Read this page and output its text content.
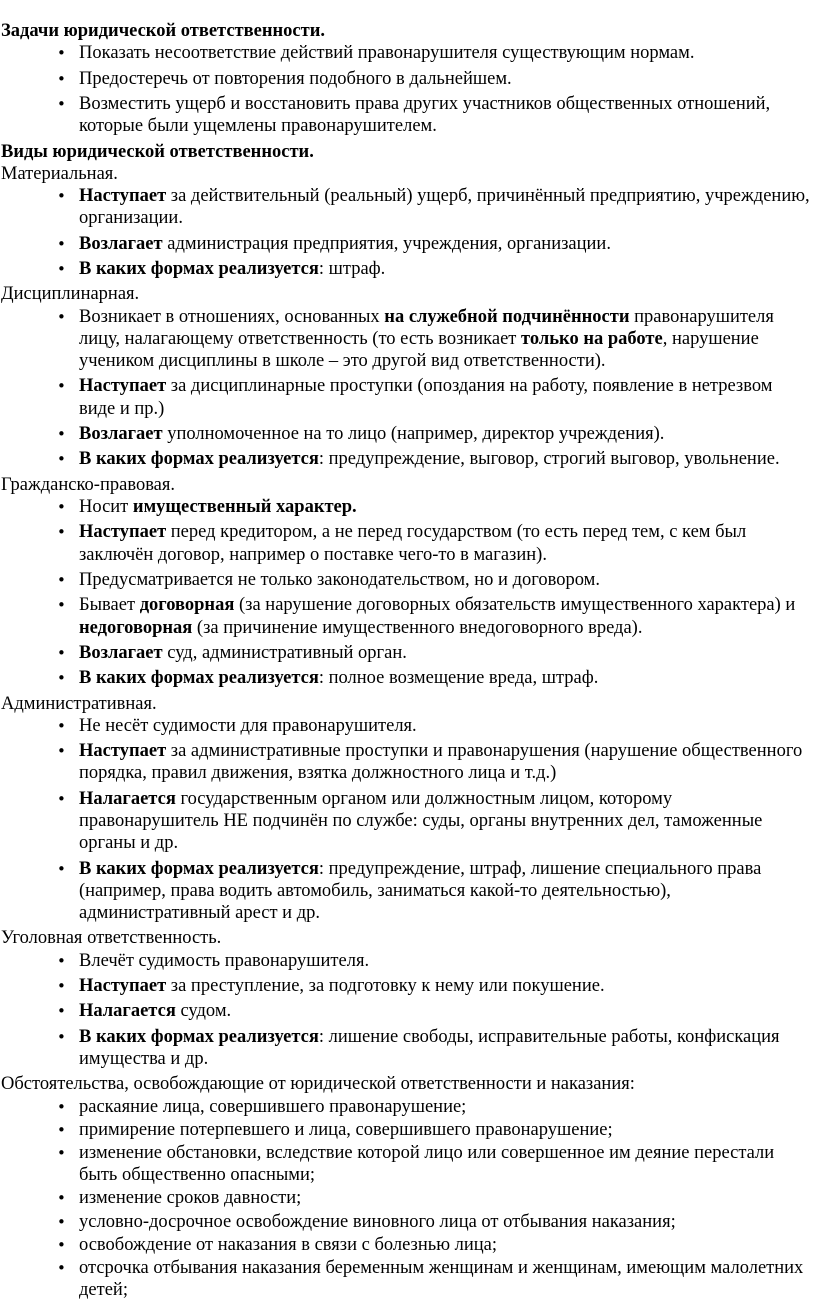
Задачи юридической ответственности.

• Показать несоответствие действий правонарушителя существующим нормам.
• Предостеречь от повторения подобного в дальнейшем.
• Возместить ущерб и восстановить права других участников общественных отношений, которые были ущемлены правонарушителем.

Виды юридической ответственности.

Материальная.

• Наступает за действительный (реальный) ущерб, причинённый предприятию, учреждению, организации.
• Возлагает администрация предприятия, учреждения, организации.
• В каких формах реализуется: штраф.

Дисциплинарная.

• Возникает в отношениях, основанных на служебной подчинённости правонарушителя лицу, налагающему ответственность (то есть возникает только на работе, нарушение учеником дисциплины в школе – это другой вид ответственности).
• Наступает за дисциплинарные проступки (опоздания на работу, появление в нетрезвом виде и пр.)
• Возлагает уполномоченное на то лицо (например, директор учреждения).
• В каких формах реализуется: предупреждение, выговор, строгий выговор, увольнение.

Гражданско-правовая.

• Носит имущественный характер.
• Наступает перед кредитором, а не перед государством (то есть перед тем, с кем был заключён договор, например о поставке чего-то в магазин).
• Предусматривается не только законодательством, но и договором.
• Бывает договорная (за нарушение договорных обязательств имущественного характера) и недоговорная (за причинение имущественного внедоговорного вреда).
• Возлагает суд, административный орган.
• В каких формах реализуется: полное возмещение вреда, штраф.

Административная.

• Не несёт судимости для правонарушителя.
• Наступает за административные проступки и правонарушения (нарушение общественного порядка, правил движения, взятка должностного лица и т.д.)
• Налагается государственным органом или должностным лицом, которому правонарушитель НЕ подчинён по службе: суды, органы внутренних дел, таможенные органы и др.
• В каких формах реализуется: предупреждение, штраф, лишение специального права (например, права водить автомобиль, заниматься какой-то деятельностью), административный арест и др.

Уголовная ответственность.

• Влечёт судимость правонарушителя.
• Наступает за преступление, за подготовку к нему или покушение.
• Налагается судом.
• В каких формах реализуется: лишение свободы, исправительные работы, конфискация имущества и др.

Обстоятельства, освобождающие от юридической ответственности и наказания:

• раскаяние лица, совершившего правонарушение;
• примирение потерпевшего и лица, совершившего правонарушение;
• изменение обстановки, вследствие которой лицо или совершенное им деяние перестали быть общественно опасными;
• изменение сроков давности;
• условно-досрочное освобождение виновного лица от отбывания наказания;
• освобождение от наказания в связи с болезнью лица;
• отсрочка отбывания наказания беременным женщинам и женщинам, имеющим малолетних детей;
